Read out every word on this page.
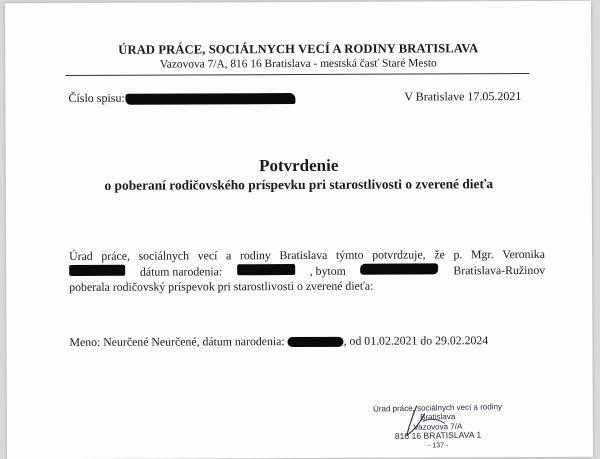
ÚRAD PRÁCE, SOCIÁLNYCH VECÍ A RODINY BRATISLAVA
Vazovova 7/A, 816 16 Bratislava - mestská časť Staré Mesto
Číslo spisu:	V Bratislave 17.05.2021
Potvrdenie
o poberaní rodičovského príspevku pri starostlivosti o zverené dieťa
Úrad práce, sociálnych vecí a rodiny Bratislava týmto potvrdzuje, že p. Mgr. Veronika
dátum narodenia:	, bytom	Bratislava-Ružinov
poberala rodičovský príspevok pri starostlivosti o zverené dieťa:
Meno: Neurčené Neurčené, dátum narodenia:	, od 01.02.2021 do 29.02.2024
Úrad práce, sociálnych vecí a rodiny
Bratislava
Vazovova 7/A
816 16 BRATISLAVA 1
- 137 -
